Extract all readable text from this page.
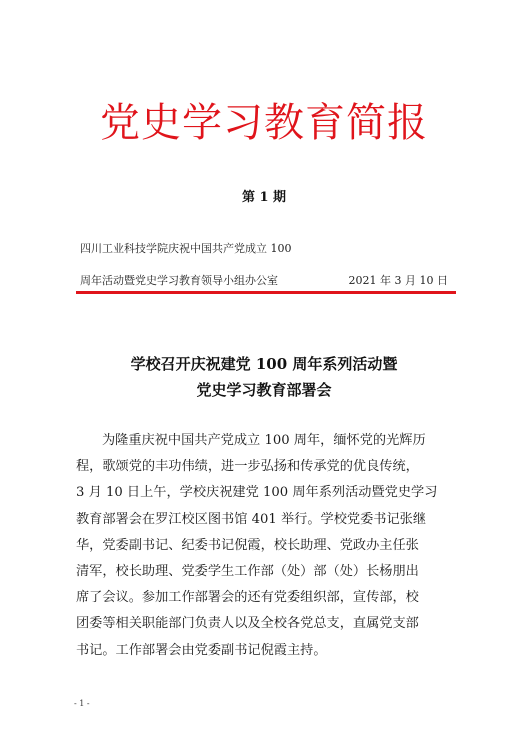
党史学习教育简报
第 1 期
四川工业科技学院庆祝中国共产党成立 100
周年活动暨党史学习教育领导小组办公室	2021 年 3 月 10 日
学校召开庆祝建党 100 周年系列活动暨
党史学习教育部署会
为隆重庆祝中国共产党成立 100 周年，缅怀党的光辉历
程，歌颂党的丰功伟绩，进一步弘扬和传承党的优良传统，
3 月 10 日上午，学校庆祝建党 100 周年系列活动暨党史学习
教育部署会在罗江校区图书馆 401 举行。学校党委书记张继
华，党委副书记、纪委书记倪霞，校长助理、党政办主任张
清军，校长助理、党委学生工作部（处）部（处）长杨朋出
席了会议。参加工作部署会的还有党委组织部，宣传部，校
团委等相关职能部门负责人以及全校各党总支，直属党支部
书记。工作部署会由党委副书记倪霞主持。
- 1 -
